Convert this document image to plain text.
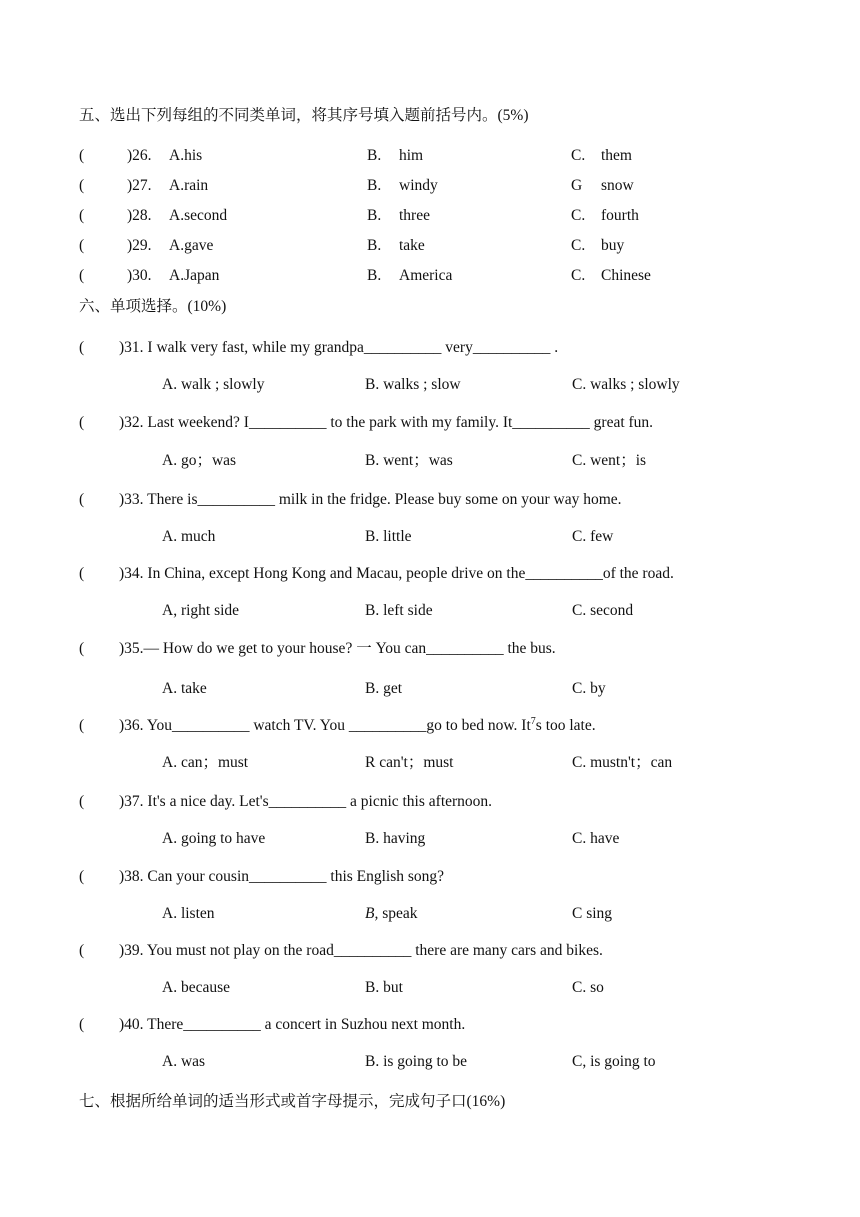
五、选出下列每组的不同类单词，将其序号填入题前括号内。(5%)
(	)26. A.his	B. him	C. them
(	)27. A.rain	B. windy	G snow
(	)28. A.second	B. three	C. fourth
(	)29. A.gave	B. take	C. buy
(	)30. A.Japan	B. America	C. Chinese
六、单项选择。(10%)
( )31. I walk very fast, while my grandpa__________ very__________ .
A. walk ; slowly	B. walks ; slow	C. walks ; slowly
( )32. Last weekend? I__________ to the park with my family. It__________ great fun.
A. go；was	B. went；was	C. went；is
( )33. There is__________ milk in the fridge. Please buy some on your way home.
A. much	B. little	C. few
( )34. In China, except Hong Kong and Macau, people drive on the__________of the road.
A, right side	B. left side	C. second
( )35.— How do we get to your house? 一 You can__________ the bus.
A. take	B. get	C. by
( )36. You__________ watch TV. You __________go to bed now. It$^7$s too late.
A. can；must	R can't；must	C. mustn't；can
( )37. It's a nice day. Let's__________ a picnic this afternoon.
A. going to have	B. having	C. have
( )38. Can your cousin__________ this English song?
A. listen	B, speak	C sing
( )39. You must not play on the road__________ there are many cars and bikes.
A. because	B. but	C. so
( )40. There__________ a concert in Suzhou next month.
A. was	B. is going to be	C, is going to
七、根据所给单词的适当形式或首字母提示，完成句子口(16%)
